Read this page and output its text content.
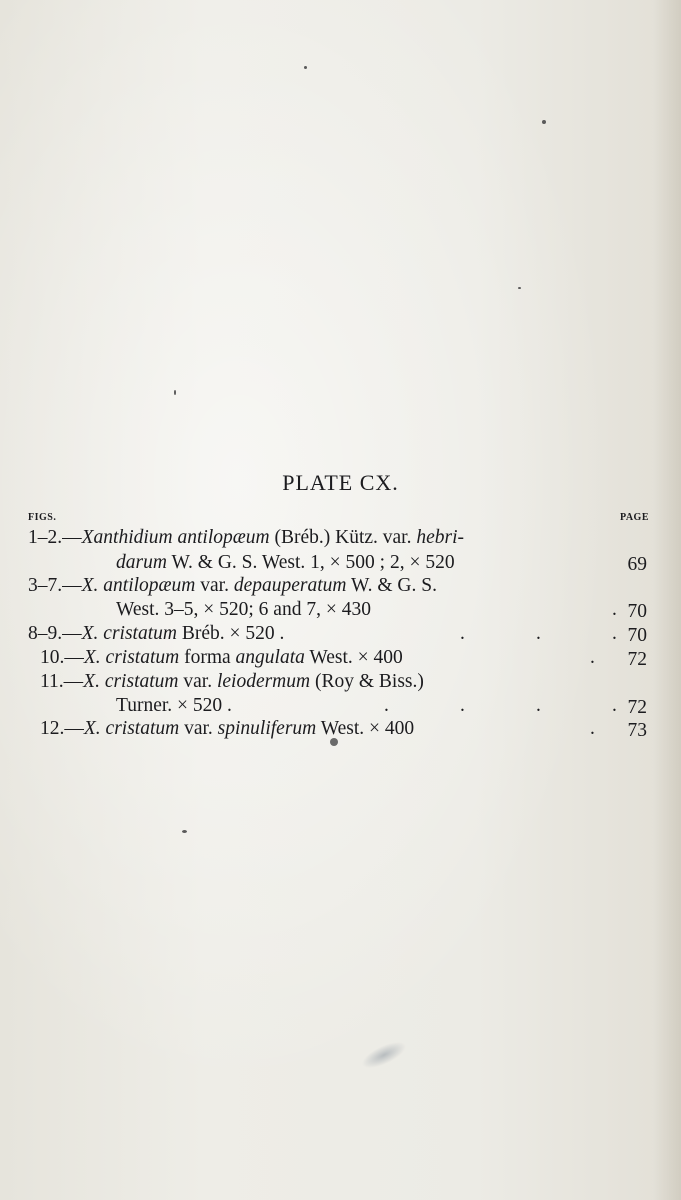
PLATE CX.
FIGS.	PAGE
1–2.—Xanthidium antilopæum (Bréb.) Kütz. var. hebri-
darum W. & G. S. West. 1, × 500 ; 2, × 520	69
3–7.—X. antilopæum var. depauperatum W. & G. S.
West. 3–5, × 520; 6 and 7, × 430	. 70
8–9.—X. cristatum Bréb. × 520 .	.	.	. 70
10.—X. cristatum forma angulata West. × 400	. 72
11.—X. cristatum var. leiodermum (Roy & Biss.)
Turner. × 520 .	.	.	.	. 72
12.—X. cristatum var. spinuliferum West. × 400	. 73
